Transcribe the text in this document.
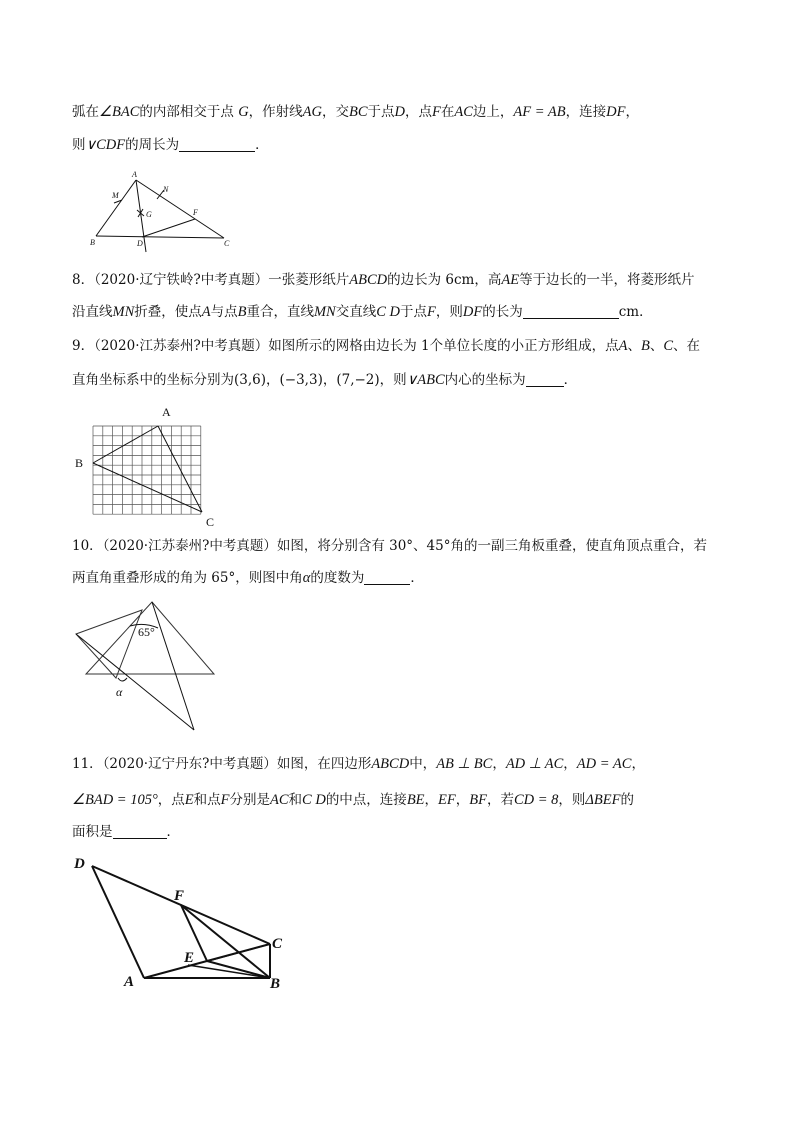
弧在∠BAC的内部相交于点 G，作射线AG，交BC于点D，点F在AC边上，AF = AB，连接DF，
则∨CDF的周长为	．
A
M
N
G	F
B	D	C
8．（2020·辽宁铁岭?中考真题）一张菱形纸片ABCD的边长为 6cm，高AE等于边长的一半，将菱形纸片
沿直线MN折叠，使点A与点B重合，直线MN交直线C D于点F，则DF的长为	cm．
9．（2020·江苏泰州?中考真题）如图所示的网格由边长为 1个单位长度的小正方形组成，点A、B、C、在
直角坐标系中的坐标分别为(3,6)，(−3,3)，(7,−2)，则∨ABC内心的坐标为	．
A
B
C
10．（2020·江苏泰州?中考真题）如图，将分别含有 30°、45°角的一副三角板重叠，使直角顶点重合，若
两直角重叠形成的角为 65°，则图中角α的度数为	．
65°
α
11．（2020·辽宁丹东?中考真题）如图，在四边形ABCD中，AB ⊥ BC，AD ⊥ AC，AD = AC，
∠BAD = 105°，点E和点F分别是AC和C D的中点，连接BE，EF，BF，若CD = 8，则ΔBEF的
面积是	．
D
F
C
E
A	B
